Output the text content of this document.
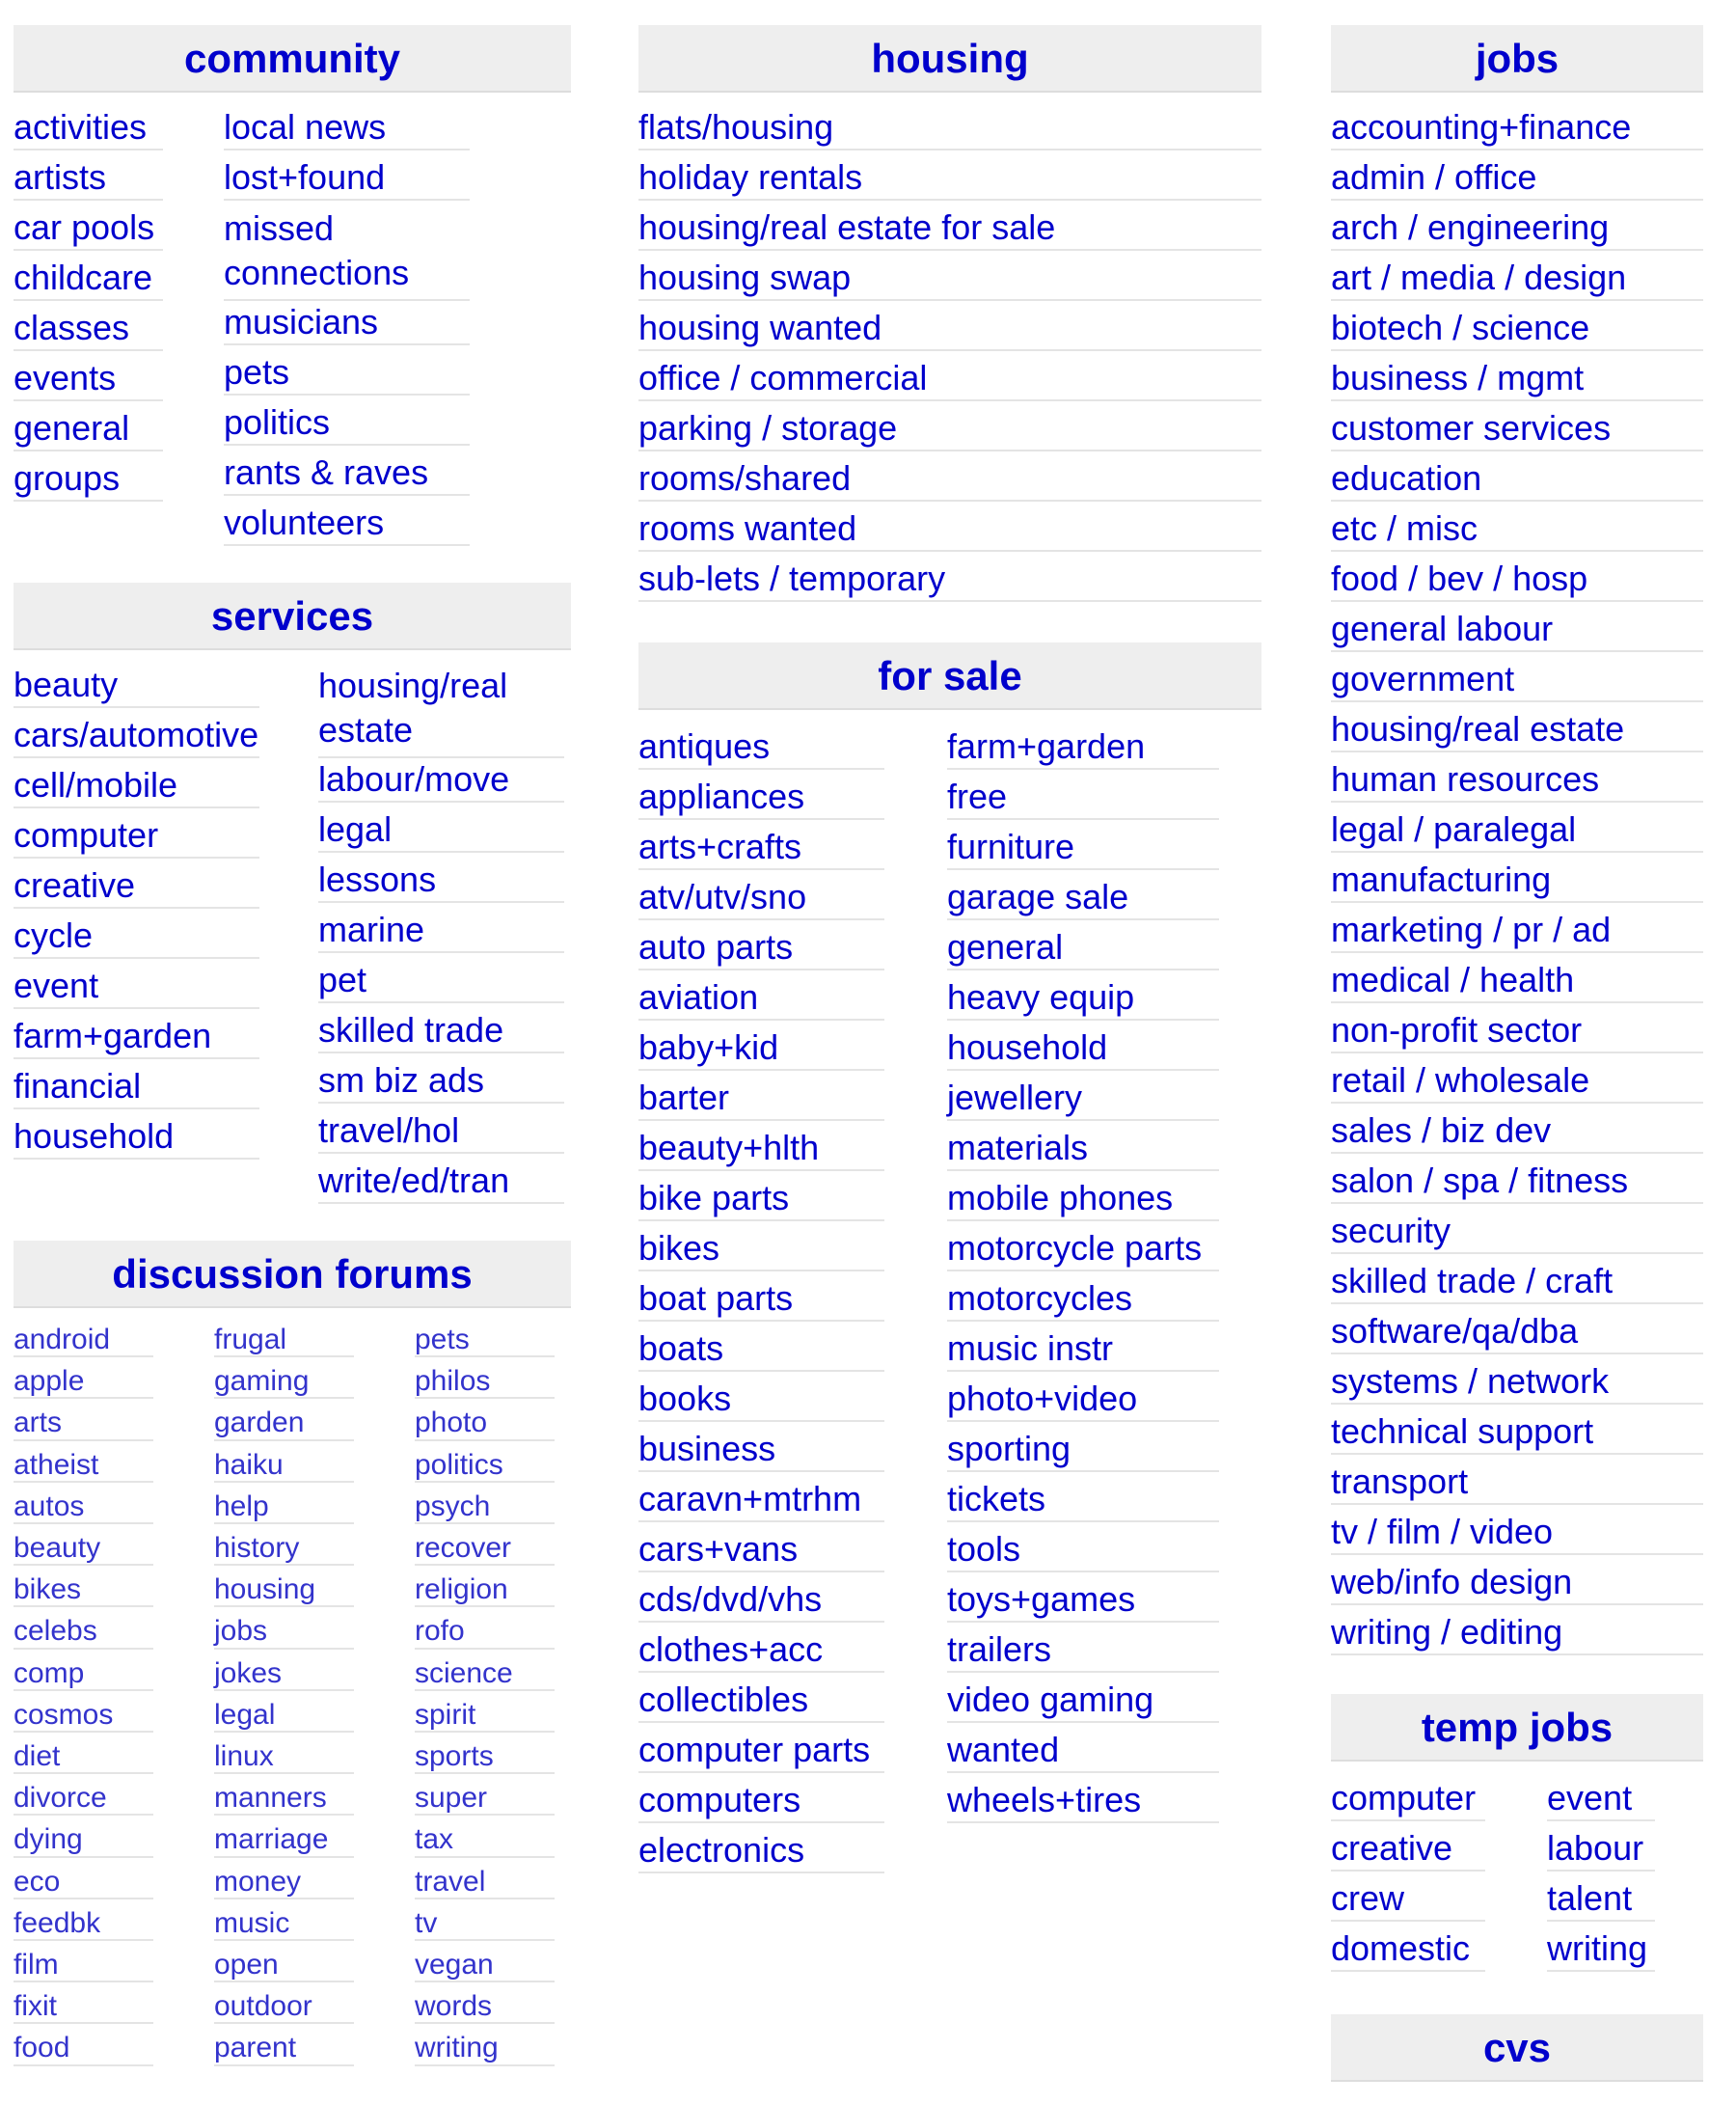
community
activities
artists
car pools
childcare
classes
events
general
groups
local news
lost+found
missed connections
musicians
pets
politics
rants & raves
volunteers
services
beauty
cars/automotive
cell/mobile
computer
creative
cycle
event
farm+garden
financial
household
housing/real estate
labour/move
legal
lessons
marine
pet
skilled trade
sm biz ads
travel/hol
write/ed/tran
discussion forums
android
apple
arts
atheist
autos
beauty
bikes
celebs
comp
cosmos
diet
divorce
dying
eco
feedbk
film
fixit
food
frugal
gaming
garden
haiku
help
history
housing
jobs
jokes
legal
linux
manners
marriage
money
music
open
outdoor
parent
pets
philos
photo
politics
psych
recover
religion
rofo
science
spirit
sports
super
tax
travel
tv
vegan
words
writing
housing
flats/housing
holiday rentals
housing/real estate for sale
housing swap
housing wanted
office / commercial
parking / storage
rooms/shared
rooms wanted
sub-lets / temporary
for sale
antiques
appliances
arts+crafts
atv/utv/sno
auto parts
aviation
baby+kid
barter
beauty+hlth
bike parts
bikes
boat parts
boats
books
business
caravn+mtrhm
cars+vans
cds/dvd/vhs
clothes+acc
collectibles
computer parts
computers
electronics
farm+garden
free
furniture
garage sale
general
heavy equip
household
jewellery
materials
mobile phones
motorcycle parts
motorcycles
music instr
photo+video
sporting
tickets
tools
toys+games
trailers
video gaming
wanted
wheels+tires
jobs
accounting+finance
admin / office
arch / engineering
art / media / design
biotech / science
business / mgmt
customer services
education
etc / misc
food / bev / hosp
general labour
government
housing/real estate
human resources
legal / paralegal
manufacturing
marketing / pr / ad
medical / health
non-profit sector
retail / wholesale
sales / biz dev
salon / spa / fitness
security
skilled trade / craft
software/qa/dba
systems / network
technical support
transport
tv / film / video
web/info design
writing / editing
temp jobs
computer
creative
crew
domestic
event
labour
talent
writing
cvs
